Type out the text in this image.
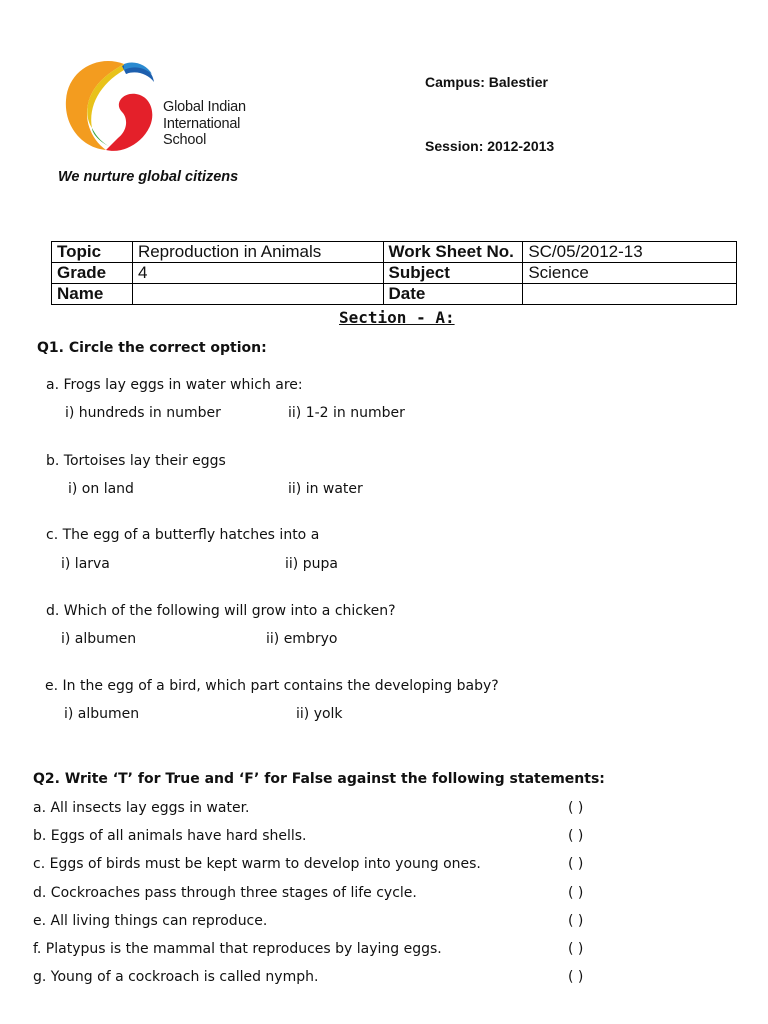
Global Indian
International
School
We nurture global citizens
Campus: Balestier
Session: 2012-2013
Topic	Reproduction in Animals	Work Sheet No.	SC/05/2012-13
Grade	4	Subject	Science
Name		Date	
Section - A:
Q1. Circle the correct option:
a. Frogs lay eggs in water which are:
i) hundreds in number	ii) 1-2 in number
b. Tortoises lay their eggs
i) on land	ii) in water
c. The egg of a butterfly hatches into a
i) larva	ii) pupa
d. Which of the following will grow into a chicken?
i) albumen	ii) embryo
e. In the egg of a bird, which part contains the developing baby?
i) albumen	ii) yolk
Q2. Write ‘T’ for True and ‘F’ for False against the following statements:
a. All insects lay eggs in water.	( )
b. Eggs of all animals have hard shells.	( )
c. Eggs of birds must be kept warm to develop into young ones.	( )
d. Cockroaches pass through three stages of life cycle.	( )
e. All living things can reproduce.	( )
f. Platypus is the mammal that reproduces by laying eggs.	( )
g. Young of a cockroach is called nymph.	( )
